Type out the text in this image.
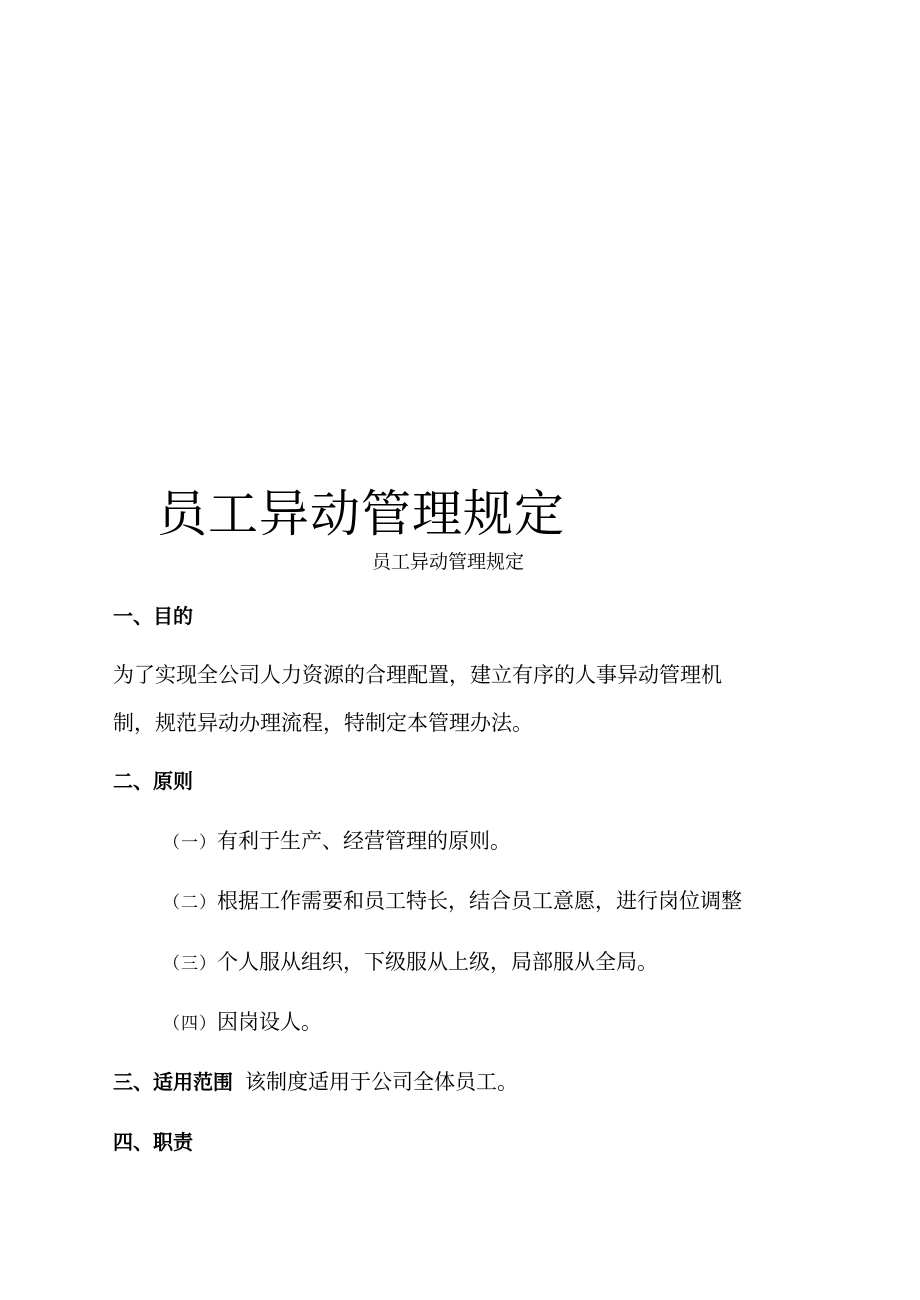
员工异动管理规定
员工异动管理规定
一、目的
为了实现全公司人力资源的合理配置，建立有序的人事异动管理机
制，规范异动办理流程，特制定本管理办法。
二、原则
（一）有利于生产、经营管理的原则。
（二）根据工作需要和员工特长，结合员工意愿，进行岗位调整
（三）个人服从组织，下级服从上级，局部服从全局。
（四）因岗设人。
三、适用范围 该制度适用于公司全体员工。
四、职责
